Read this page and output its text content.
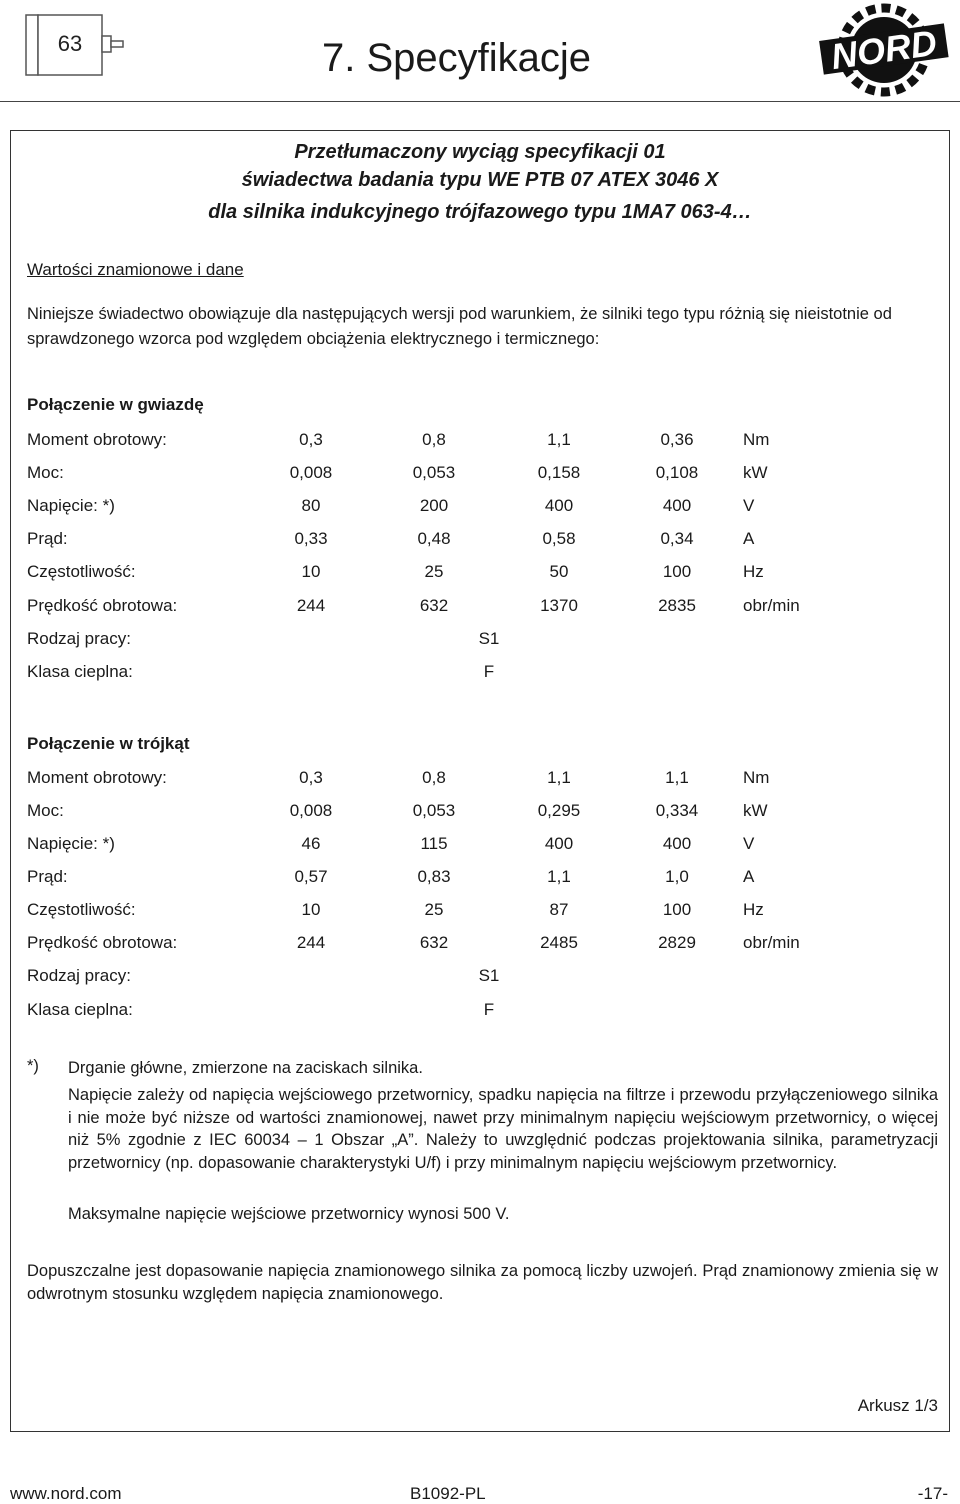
63	7. Specyfikacje	NORD
Przetłumaczony wyciąg specyfikacji 01
świadectwa badania typu WE PTB 07 ATEX 3046 X
dla silnika indukcyjnego trójfazowego typu 1MA7 063-4…
Wartości znamionowe i dane
Niniejsze świadectwo obowiązuje dla następujących wersji pod warunkiem, że silniki tego typu różnią się nieistotnie od sprawdzonego wzorca pod względem obciążenia elektrycznego i termicznego:
Połączenie w gwiazdę
Moment obrotowy:	0,3	0,8	1,1	0,36	Nm
Moc:	0,008	0,053	0,158	0,108	kW
Napięcie: *)	80	200	400	400	V
Prąd:	0,33	0,48	0,58	0,34	A
Częstotliwość:	10	25	50	100	Hz
Prędkość obrotowa:	244	632	1370	2835	obr/min
Rodzaj pracy:	S1
Klasa cieplna:	F
Połączenie w trójkąt
Moment obrotowy:	0,3	0,8	1,1	1,1	Nm
Moc:	0,008	0,053	0,295	0,334	kW
Napięcie: *)	46	115	400	400	V
Prąd:	0,57	0,83	1,1	1,0	A
Częstotliwość:	10	25	87	100	Hz
Prędkość obrotowa:	244	632	2485	2829	obr/min
Rodzaj pracy:	S1
Klasa cieplna:	F
*) Drganie główne, zmierzone na zaciskach silnika.

Napięcie zależy od napięcia wejściowego przetwornicy, spadku napięcia na filtrze i przewodu przyłączeniowego silnika i nie może być niższe od wartości znamionowej, nawet przy minimalnym napięciu wejściowym przetwornicy, o więcej niż 5% zgodnie z IEC 60034 – 1 Obszar „A”. Należy to uwzględnić podczas projektowania silnika, parametryzacji przetwornicy (np. dopasowanie charakterystyki U/f) i przy minimalnym napięciu wejściowym przetwornicy.

Maksymalne napięcie wejściowe przetwornicy wynosi 500 V.

Dopuszczalne jest dopasowanie napięcia znamionowego silnika za pomocą liczby uzwojeń. Prąd znamionowy zmienia się w odwrotnym stosunku względem napięcia znamionowego.

Arkusz 1/3
www.nord.com	B1092-PL	-17-
